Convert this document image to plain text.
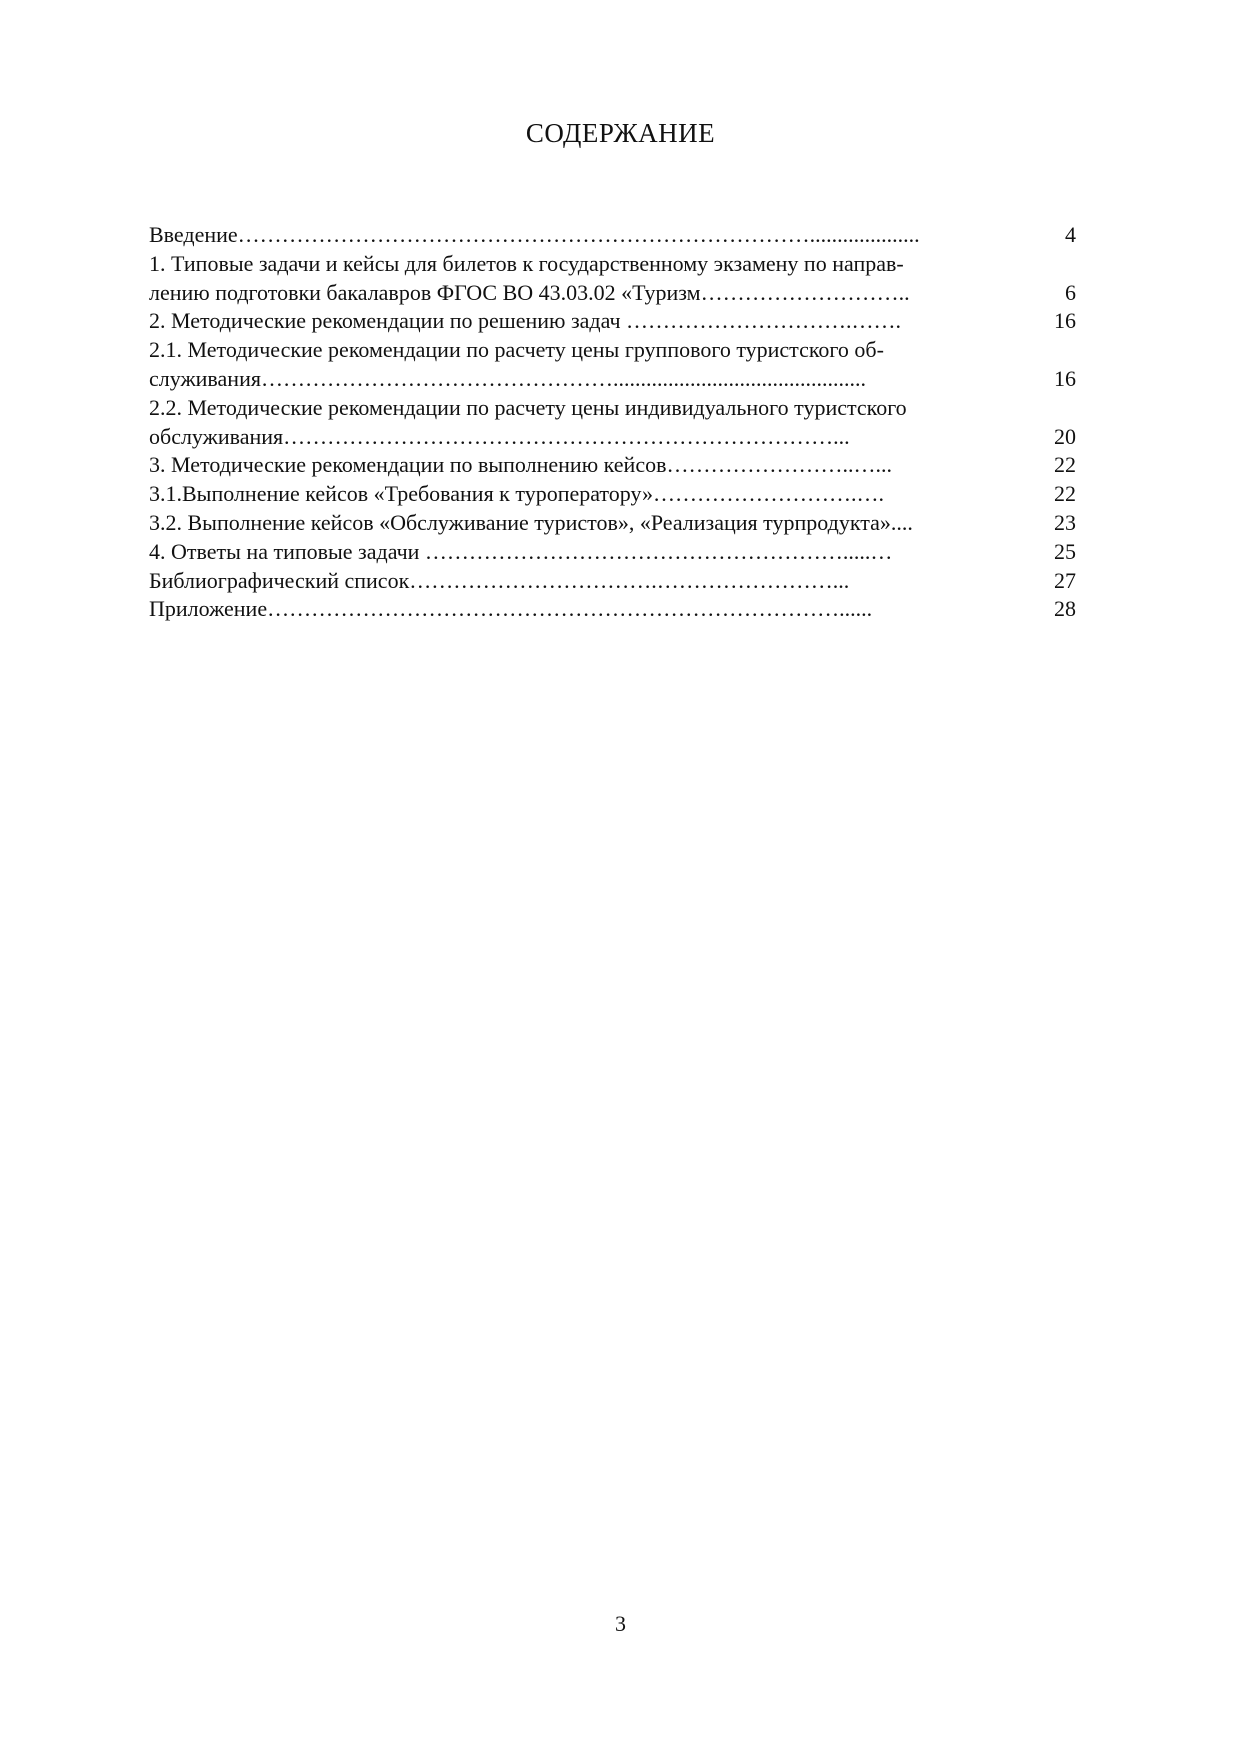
СОДЕРЖАНИЕ
Введение……………………………………………………………………....................	4
1. Типовые задачи и кейсы для билетов к государственному экзамену по направ-
лению подготовки бакалавров ФГОС ВО 43.03.02 «Туризм………………………..	6
2. Методические рекомендации по решению задач ………………………….…….	16
2.1. Методические рекомендации по расчету цены группового туристского об-
служивания…………………………………………..............................................	16
2.2. Методические рекомендации по расчету цены индивидуального туристского
обслуживания…………………………………………………………………...	20
3. Методические рекомендации по выполнению кейсов……………………..…...	22
3.1.Выполнение кейсов «Требования к туроператору»……………………….….	22
3.2. Выполнение кейсов «Обслуживание туристов», «Реализация турпродукта»....	23
4. Ответы на типовые задачи ………………………………………………….....…	25
Библиографический список…………………………….……………………...	27
Приложение……………………………………………………………………......	28
3
